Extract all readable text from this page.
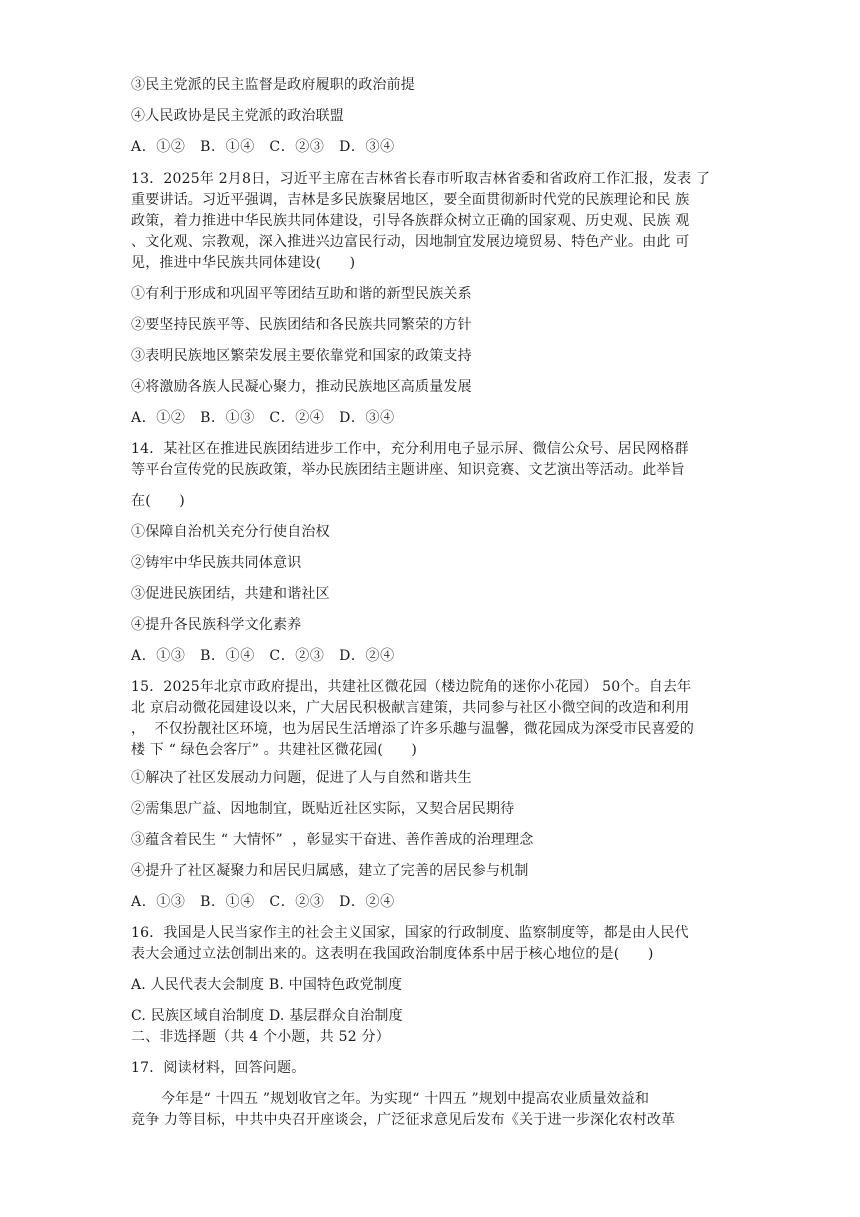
③民主党派的民主监督是政府履职的政治前提
④人民政协是民主党派的政治联盟
A．①②　B．①④　C．②③　D．③④
13．2025年 2月8日，习近平主席在吉林省长春市听取吉林省委和省政府工作汇报，发表 了
重要讲话。习近平强调，吉林是多民族聚居地区，要全面贯彻新时代党的民族理论和民 族
政策，着力推进中华民族共同体建设，引导各族群众树立正确的国家观、历史观、民族 观
、文化观、宗教观，深入推进兴边富民行动，因地制宜发展边境贸易、特色产业。由此 可
见，推进中华民族共同体建设(　　)
①有利于形成和巩固平等团结互助和谐的新型民族关系
②要坚持民族平等、民族团结和各民族共同繁荣的方针
③表明民族地区繁荣发展主要依靠党和国家的政策支持
④将激励各族人民凝心聚力，推动民族地区高质量发展
A．①②　B．①③　C．②④　D．③④
14．某社区在推进民族团结进步工作中，充分利用电子显示屏、微信公众号、居民网格群
等平台宣传党的民族政策，举办民族团结主题讲座、知识竞赛、文艺演出等活动。此举旨
在(　　)
①保障自治机关充分行使自治权
②铸牢中华民族共同体意识
③促进民族团结，共建和谐社区
④提升各民族科学文化素养
A．①③　B．①④　C．②③　D．②④
15．2025年北京市政府提出，共建社区微花园（楼边院角的迷你小花园） 50个。自去年
北 京启动微花园建设以来，广大居民积极献言建策，共同参与社区小微空间的改造和利用
，  不仅扮靓社区环境，也为居民生活增添了许多乐趣与温馨，微花园成为深受市民喜爱的
楼 下 “ 绿色会客厅” 。共建社区微花园(　　)
①解决了社区发展动力问题，促进了人与自然和谐共生
②需集思广益、因地制宜，既贴近社区实际，又契合居民期待
③蕴含着民生 “ 大情怀”  ，彰显实干奋进、善作善成的治理理念
④提升了社区凝聚力和居民归属感，建立了完善的居民参与机制
A．①③　B．①④　C．②③　D．②④
16．我国是人民当家作主的社会主义国家，国家的行政制度、监察制度等，都是由人民代
表大会通过立法创制出来的。这表明在我国政治制度体系中居于核心地位的是(　　)
A. 人民代表大会制度 B. 中国特色政党制度
C. 民族区域自治制度 D. 基层群众自治制度
二、非选择题（共 4 个小题，共 52 分）
17．阅读材料，回答问题。
今年是“ 十四五 ”规划收官之年。为实现“ 十四五 ”规划中提高农业质量效益和
竞争 力等目标，中共中央召开座谈会，广泛征求意见后发布《关于进一步深化农村改革
